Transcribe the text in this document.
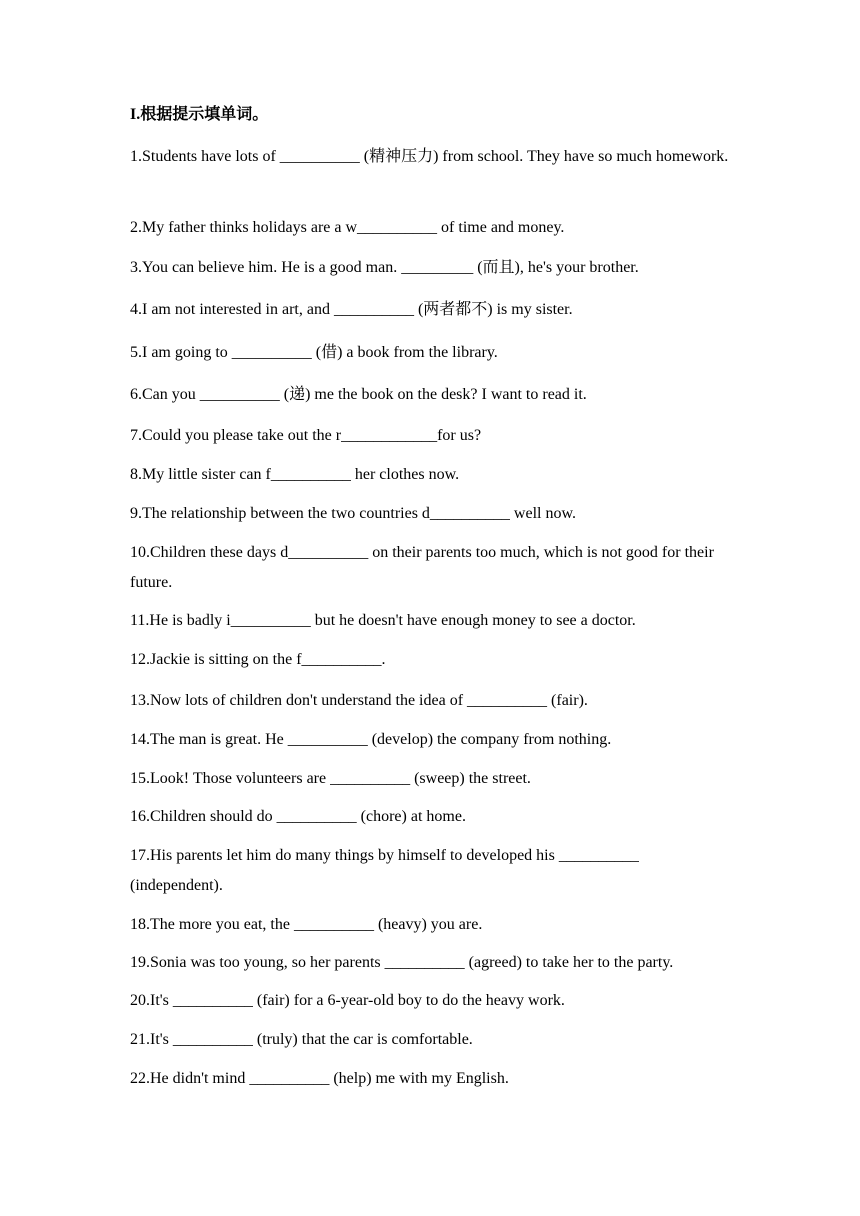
I.根据提示填单词。
1.Students have lots of __________ (精神压力) from school. They have so much homework.
2.My father thinks holidays are a w__________ of time and money.
3.You can believe him. He is a good man. _________ (而且), he's your brother.
4.I am not interested in art, and __________ (两者都不) is my sister.
5.I am going to __________ (借) a book from the library.
6.Can you __________ (递) me the book on the desk? I want to read it.
7.Could you please take out the r____________for us?
8.My little sister can f__________ her clothes now.
9.The relationship between the two countries d__________ well now.
10.Children these days d__________ on their parents too much, which is not good for their future.
11.He is badly i__________ but he doesn't have enough money to see a doctor.
12.Jackie is sitting on the f__________.
13.Now lots of children don't understand the idea of __________ (fair).
14.The man is great. He __________ (develop) the company from nothing.
15.Look! Those volunteers are __________ (sweep) the street.
16.Children should do __________ (chore) at home.
17.His parents let him do many things by himself to developed his __________ (independent).
18.The more you eat, the __________ (heavy) you are.
19.Sonia was too young, so her parents __________ (agreed) to take her to the party.
20.It's __________ (fair) for a 6-year-old boy to do the heavy work.
21.It's __________ (truly) that the car is comfortable.
22.He didn't mind __________ (help) me with my English.
